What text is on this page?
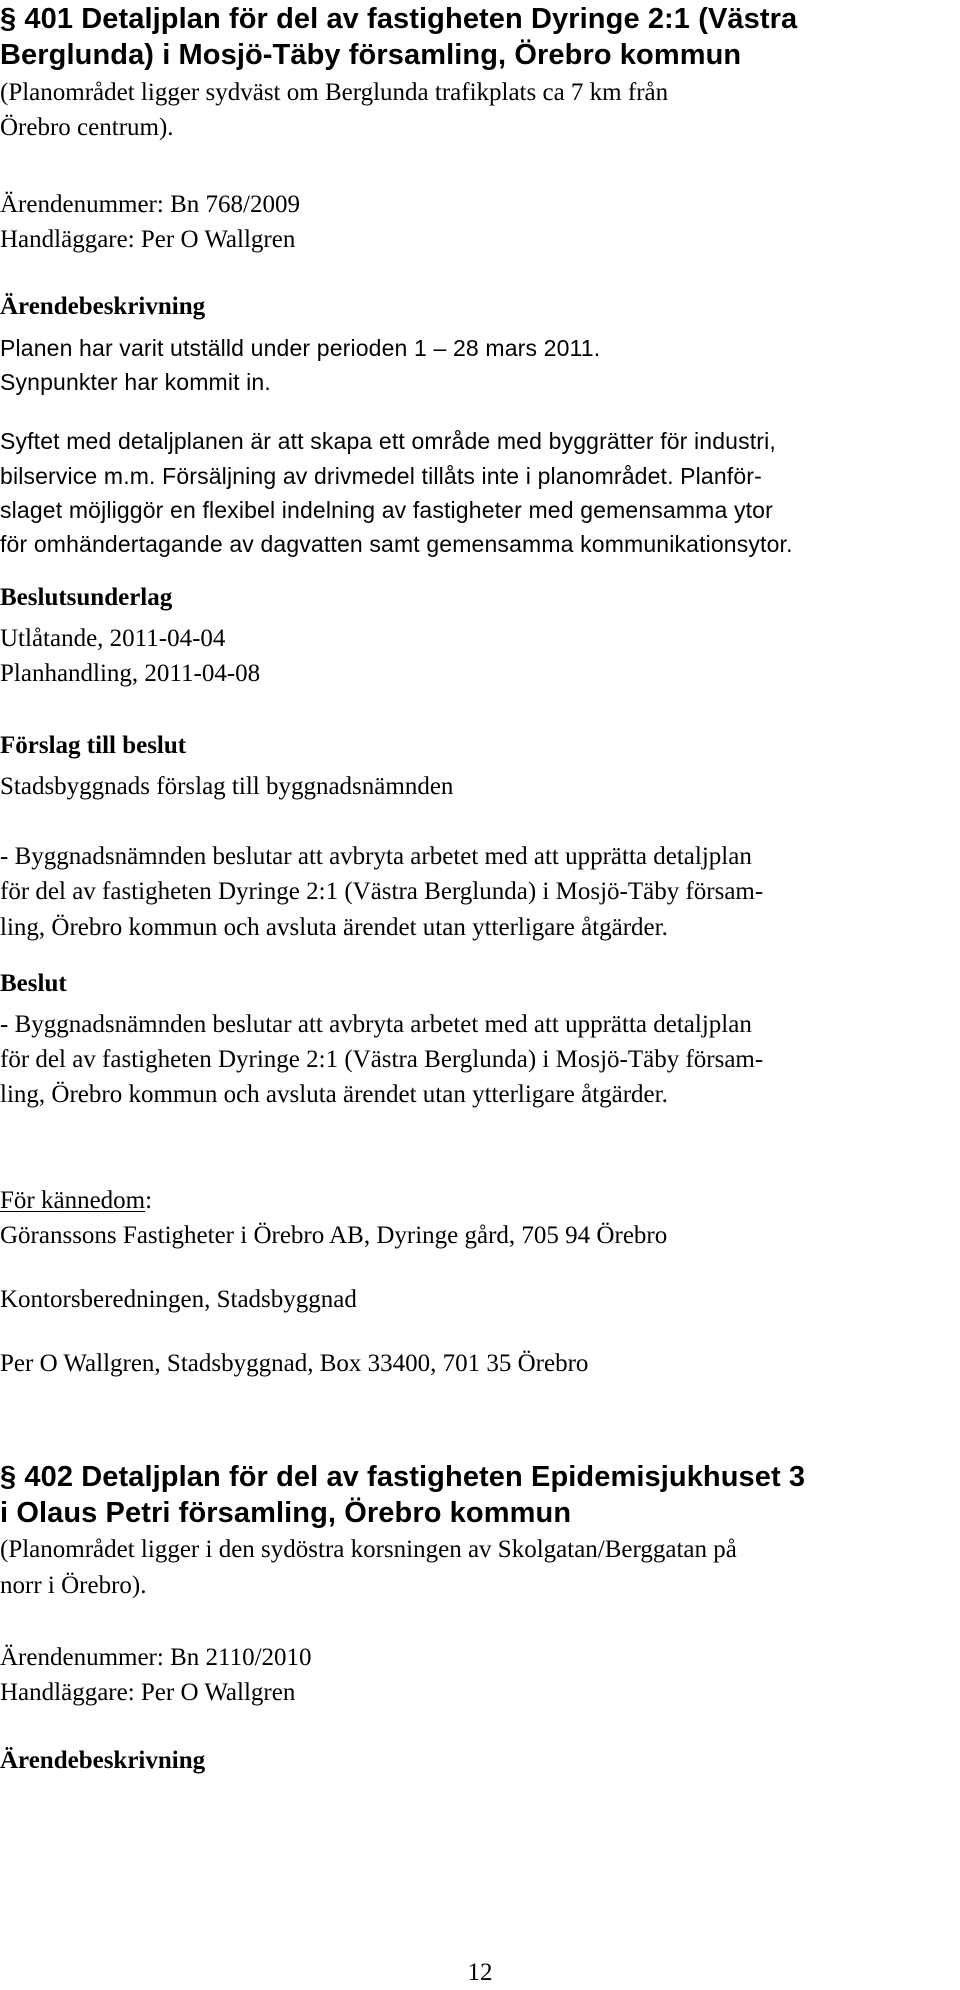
§ 401 Detaljplan för del av fastigheten Dyringe 2:1 (Västra
Berglunda) i Mosjö-Täby församling, Örebro kommun
(Planområdet ligger sydväst om Berglunda trafikplats ca 7 km från
Örebro centrum).
Ärendenummer: Bn 768/2009
Handläggare: Per O Wallgren
Ärendebeskrivning
Planen har varit utställd under perioden 1 – 28 mars 2011.
Synpunkter har kommit in.
Syftet med detaljplanen är att skapa ett område med byggrätter för industri,
bilservice m.m. Försäljning av drivmedel tillåts inte i planområdet. Planför-
slaget möjliggör en flexibel indelning av fastigheter med gemensamma ytor
för omhändertagande av dagvatten samt gemensamma kommunikationsytor.
Beslutsunderlag
Utlåtande, 2011-04-04
Planhandling, 2011-04-08
Förslag till beslut
Stadsbyggnads förslag till byggnadsnämnden
- Byggnadsnämnden beslutar att avbryta arbetet med att upprätta detaljplan
för del av fastigheten Dyringe 2:1 (Västra Berglunda) i Mosjö-Täby försam-
ling, Örebro kommun och avsluta ärendet utan ytterligare åtgärder.
Beslut
- Byggnadsnämnden beslutar att avbryta arbetet med att upprätta detaljplan
för del av fastigheten Dyringe 2:1 (Västra Berglunda) i Mosjö-Täby försam-
ling, Örebro kommun och avsluta ärendet utan ytterligare åtgärder.
För kännedom:
Göranssons Fastigheter i Örebro AB, Dyringe gård, 705 94 Örebro
Kontorsberedningen, Stadsbyggnad
Per O Wallgren, Stadsbyggnad, Box 33400, 701 35 Örebro
§ 402 Detaljplan för del av fastigheten Epidemisjukhuset 3
i Olaus Petri församling, Örebro kommun
(Planområdet ligger i den sydöstra korsningen av Skolgatan/Berggatan på
norr i Örebro).
Ärendenummer: Bn 2110/2010
Handläggare: Per O Wallgren
Ärendebeskrivning
12
